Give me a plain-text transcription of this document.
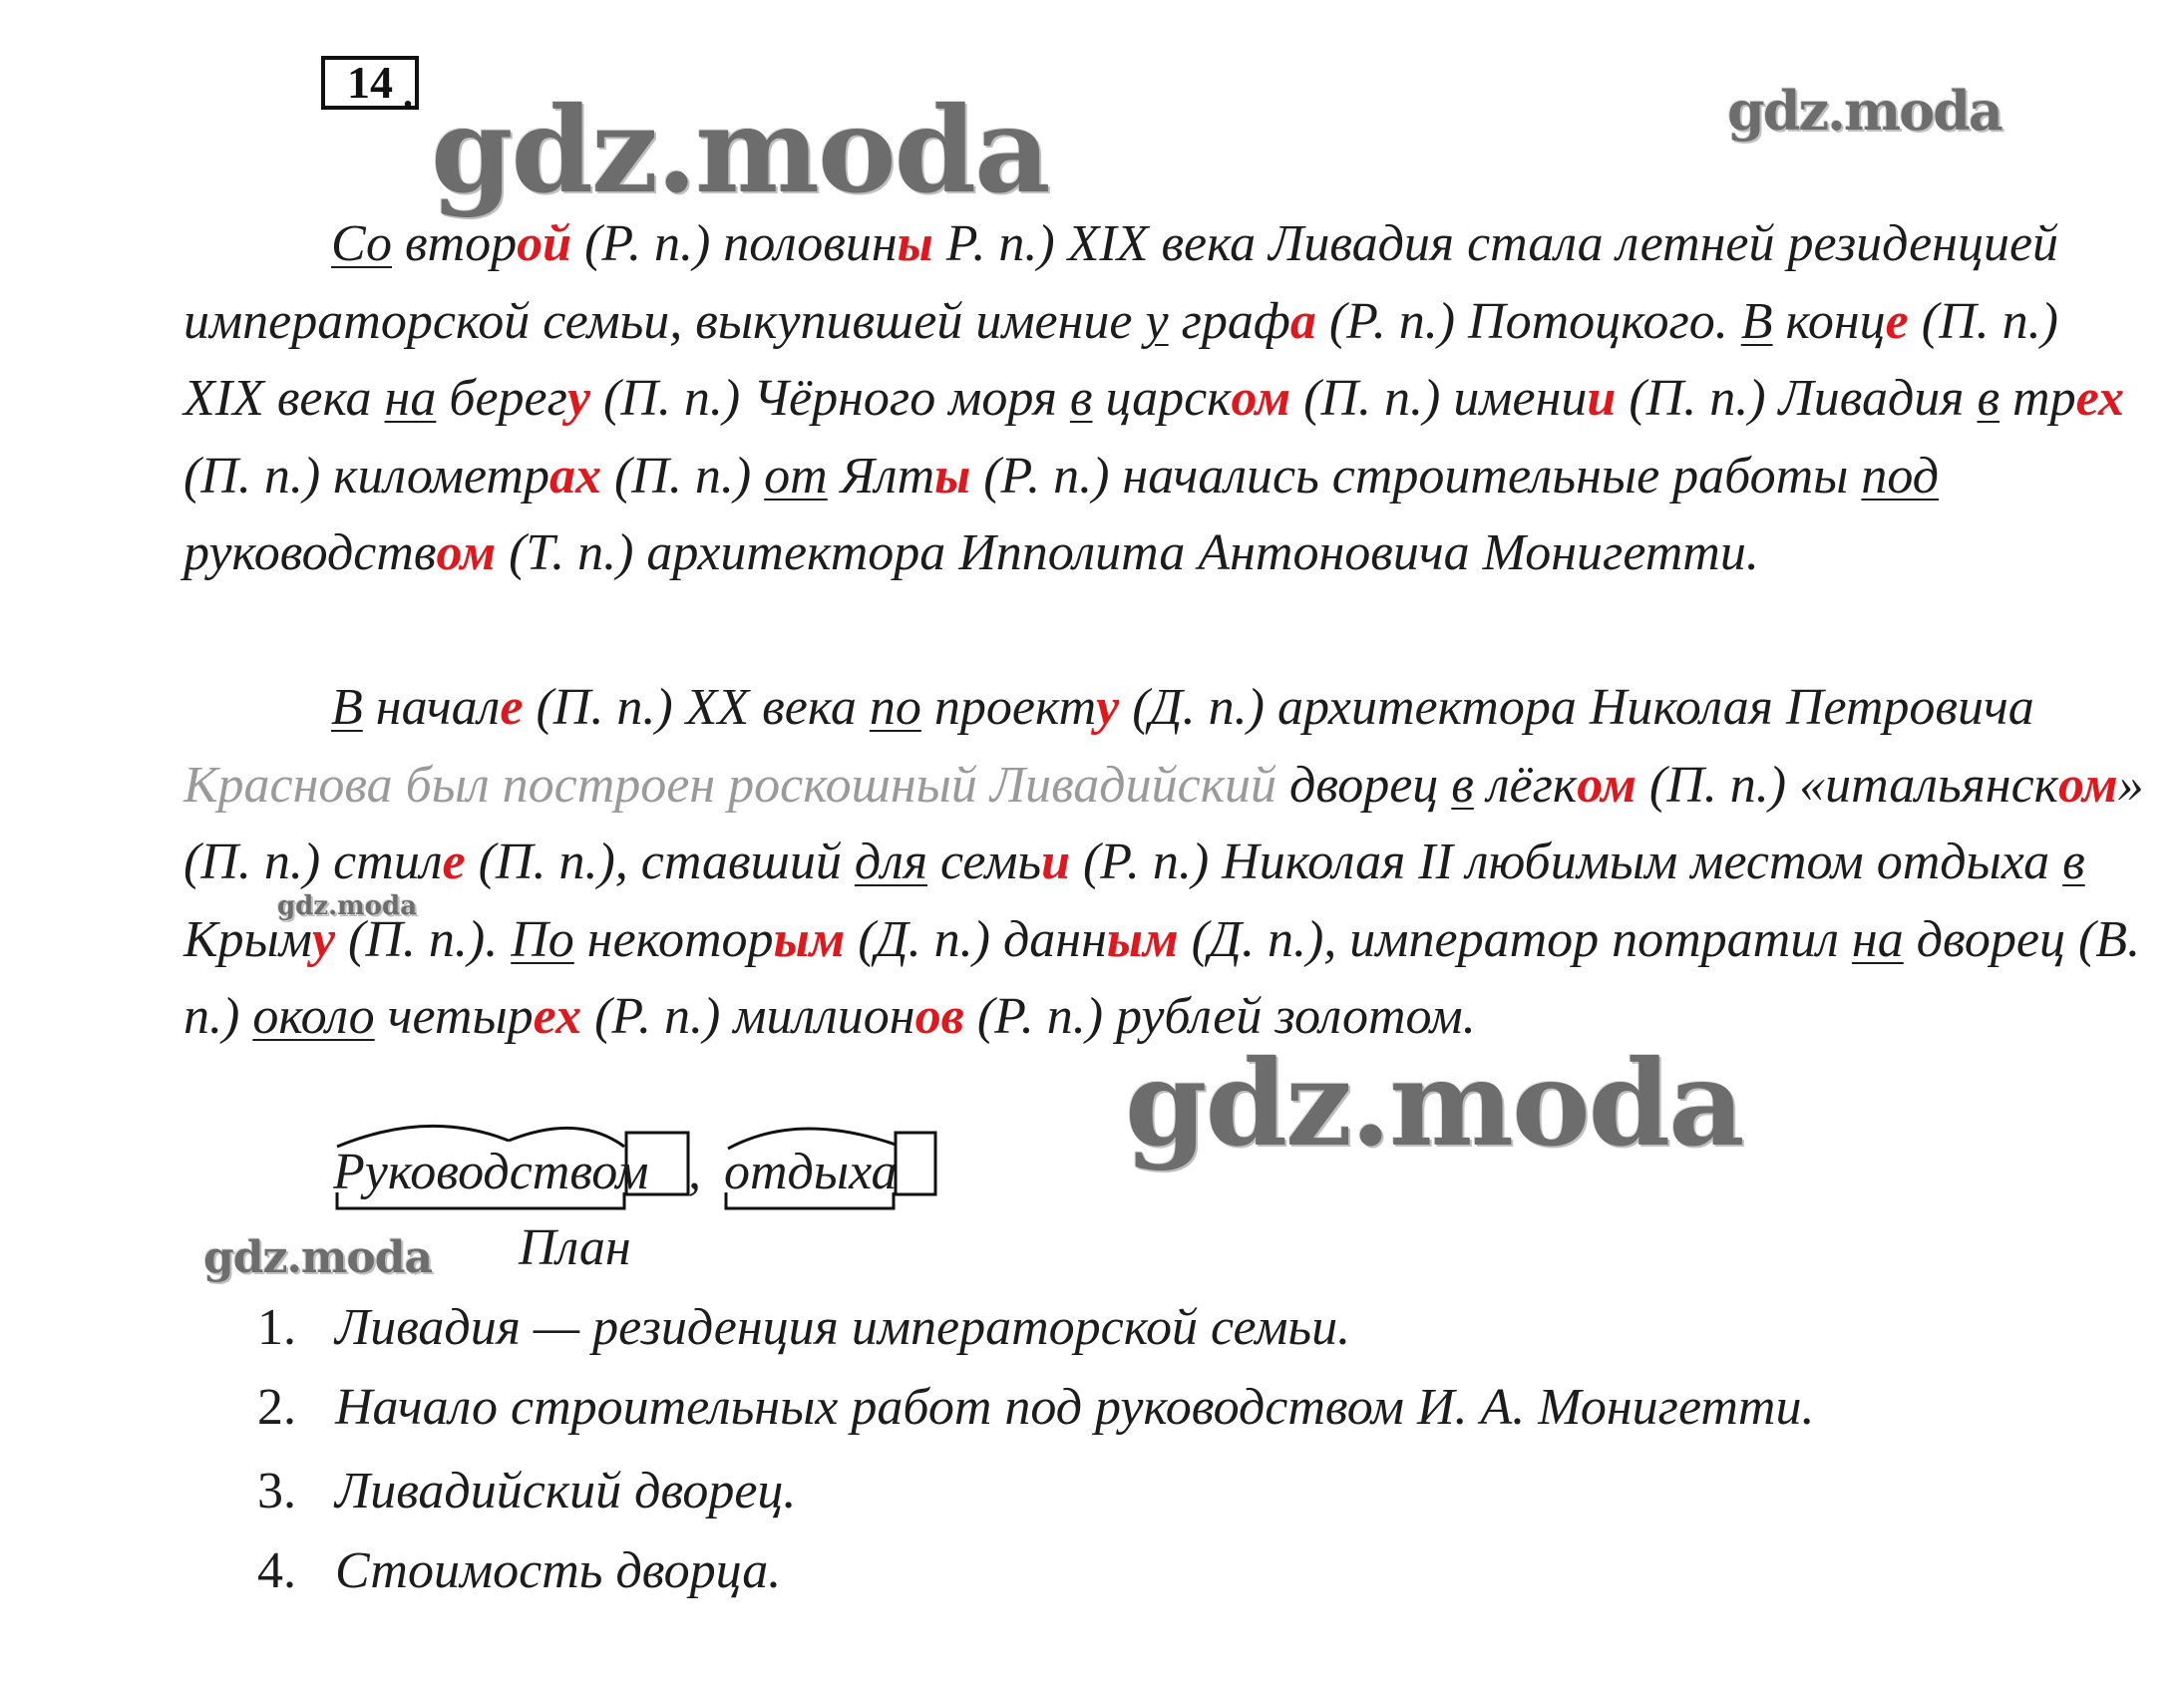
14 . gdz.moda	gdz.moda
gdz.moda

Со второй (Р. п.) половины Р. п.) XIX века Ливадия стала летней резиденцией императорской семьи, выкупившей имение у графа (Р. п.) Потоцкого. В конце (П. п.) XIX века на берегу (П. п.) Чёрного моря в царском (П. п.) имении (П. п.) Ливадия в трех (П. п.) километрах (П. п.) от Ялты (Р. п.) начались строительные работы под руководством (Т. п.) архитектора Ипполита Антоновича Монигетти.

В начале (П. п.) XX века по проекту (Д. п.) архитектора Николая Петровича Краснова был построен роскошный Ливадийский дворец в лёгком (П. п.) «итальянском» (П. п.) стиле (П. п.), ставший для семьи (Р. п.) Николая II любимым местом отдыха в Крыму (П. п.). По некоторым (Д. п.) данным (Д. п.), император потратил на дворец (В. п.) около четырех (Р. п.) миллионов (Р. п.) рублей золотом.

gdz.moda
Руководством , отдыха
gdz.moda План
1. Ливадия — резиденция императорской семьи.
2. Начало строительных работ под руководством И. А. Монигетти.
3. Ливадийский дворец.
4. Стоимость дворца.
